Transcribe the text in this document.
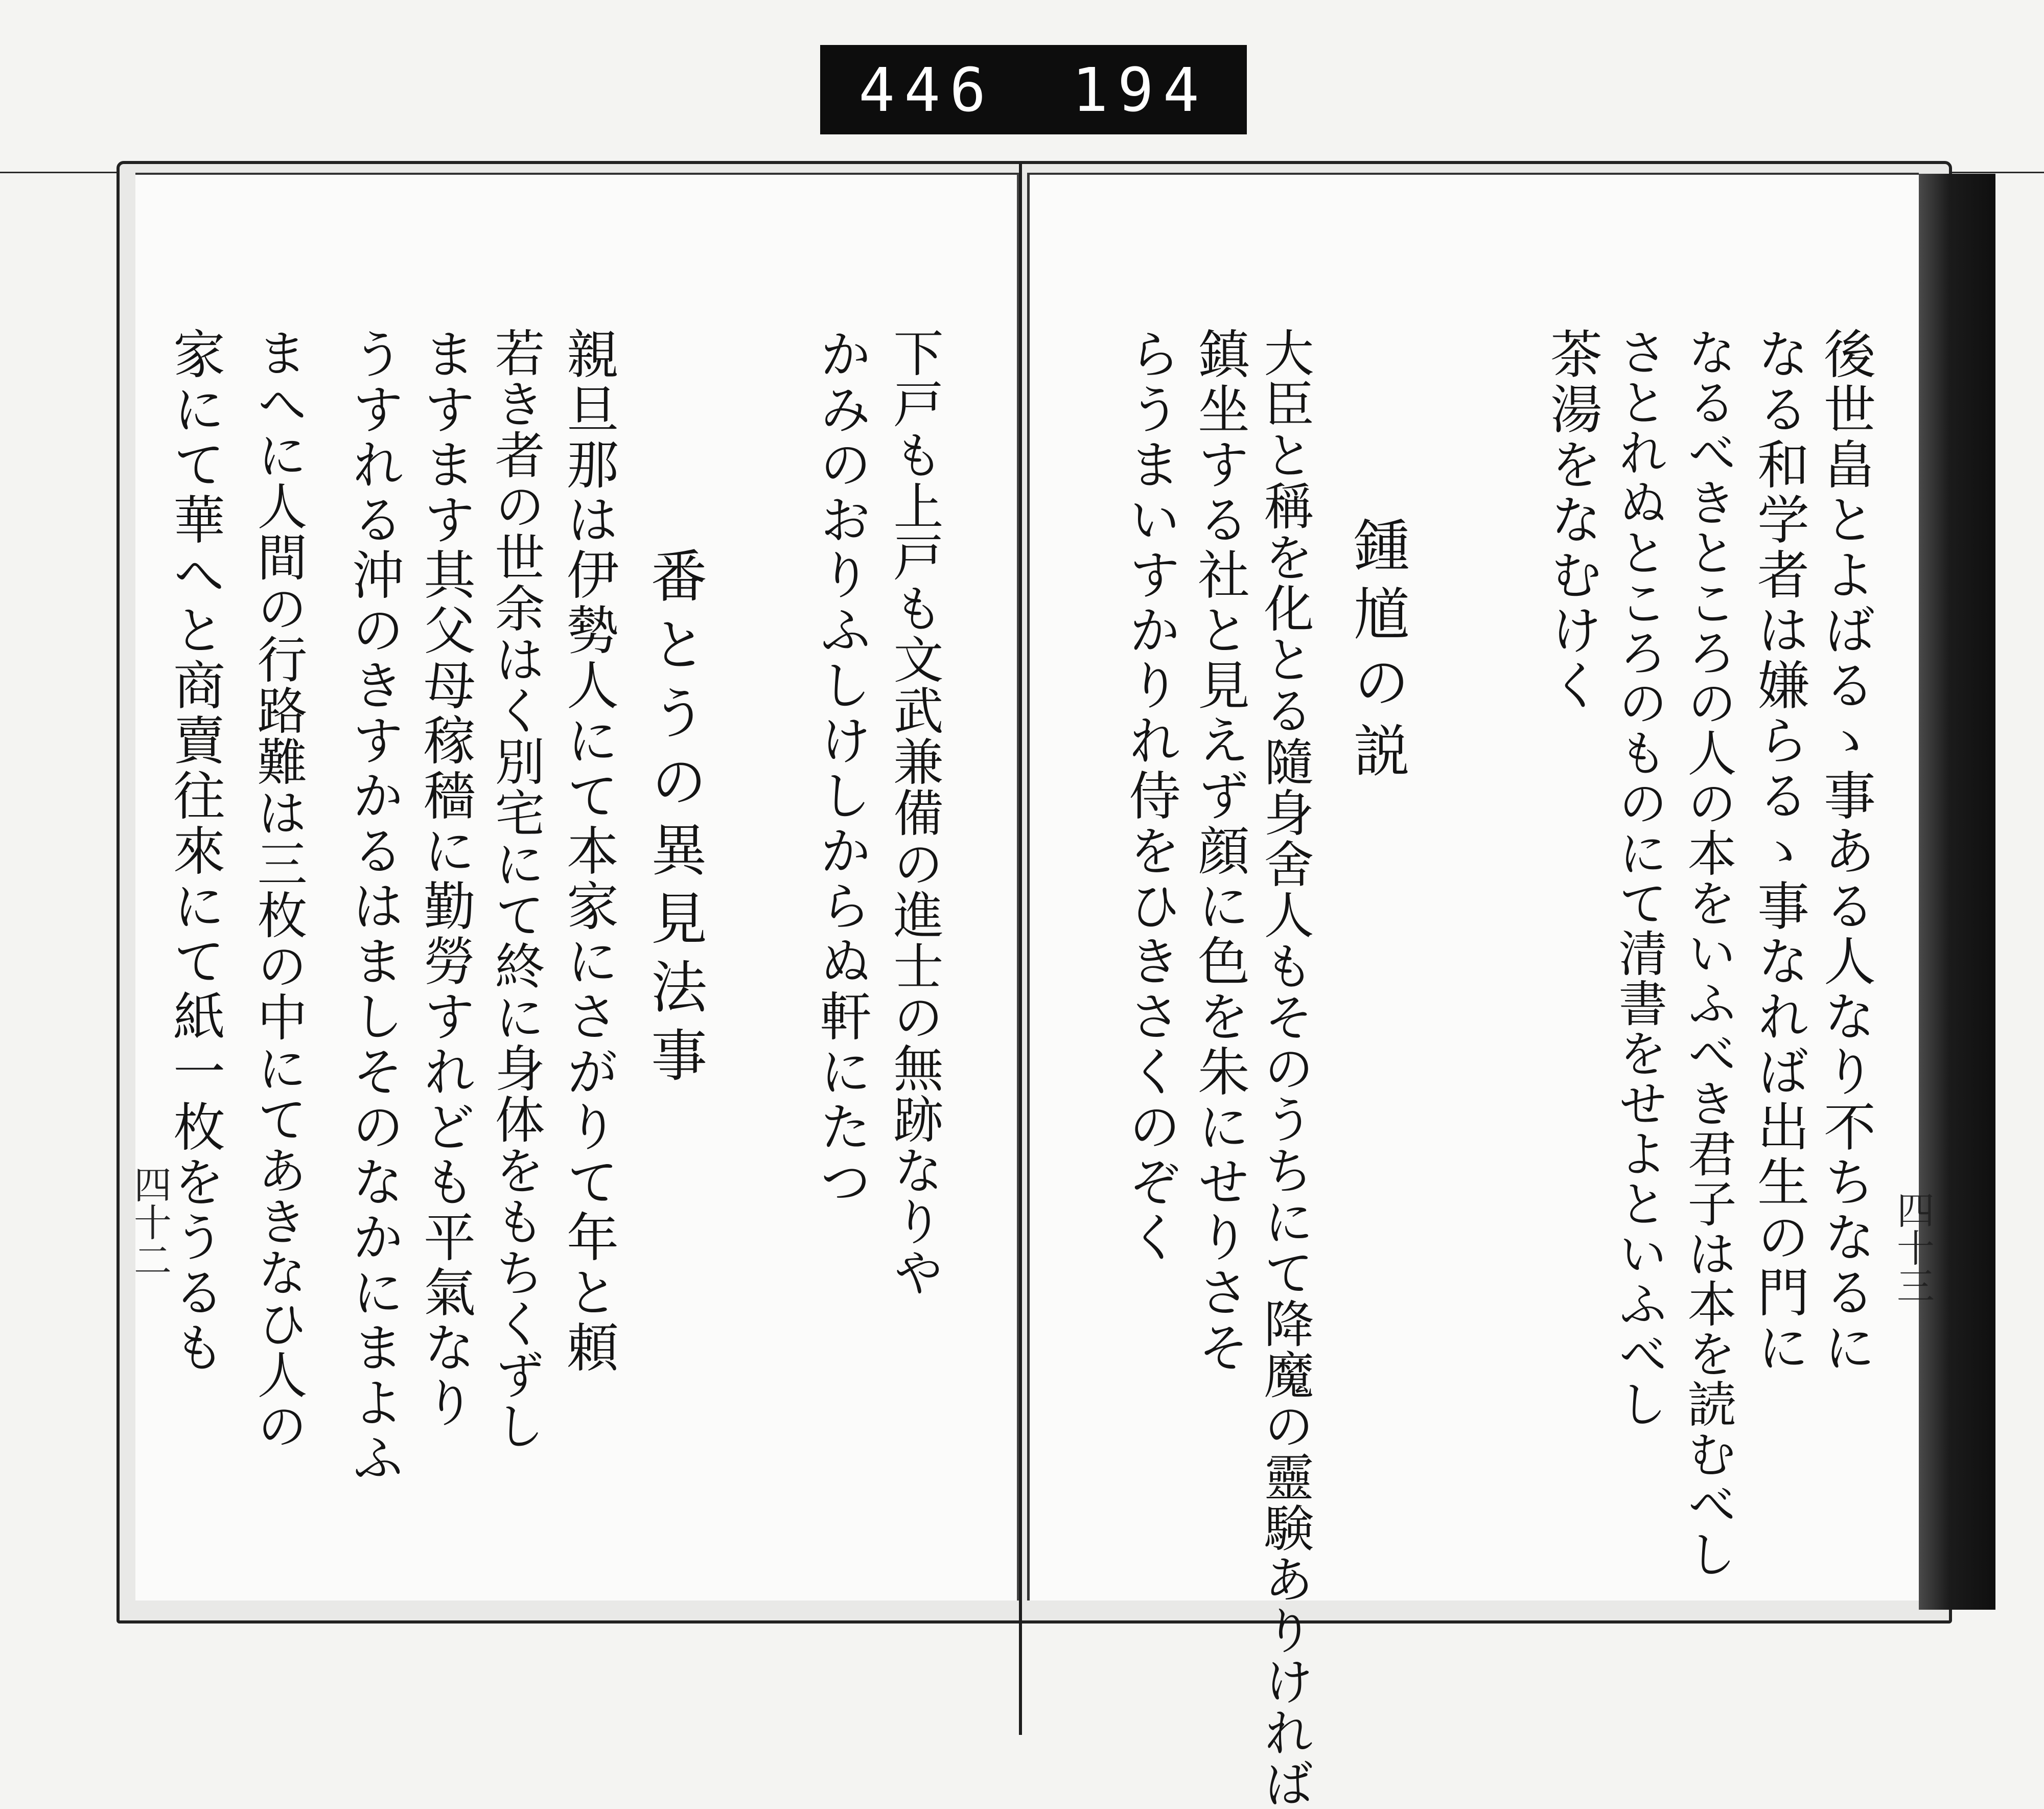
446 194
後世畠とよばるゝ事ある人なり不ちなるに
なる和学者は嫌らるゝ事なれば出生の門に
なるべきところの人の本をいふべき君子は本を読むべし
さとれぬところのものにて清書をせよといふべし
茶湯をなむけく
鍾馗の説
大臣と稱を化とる隨身舍人もそのうちにて降魔の靈験ありければ
鎮坐する社と見えず顔に色を朱にせりさそ
らうまいすかりれ侍をひきさくのぞく	四十三
下戸も上戸も文武兼備の進士の無跡なりや
かみのおりふしけしからぬ軒にたつ
番とうの異見法事
親旦那は伊勢人にて本家にさがりて年と頼
若き者の世余はく別宅にて終に身体をもちくずし
ますます其父母稼穡に勤勞すれども平氣なり
うすれる沖のきすかるはましそのなかにまよふ
まへに人間の行路難は三枚の中にてあきなひ人の
家にて華へと商賣往來にて紙一枚をうるも
四十二
